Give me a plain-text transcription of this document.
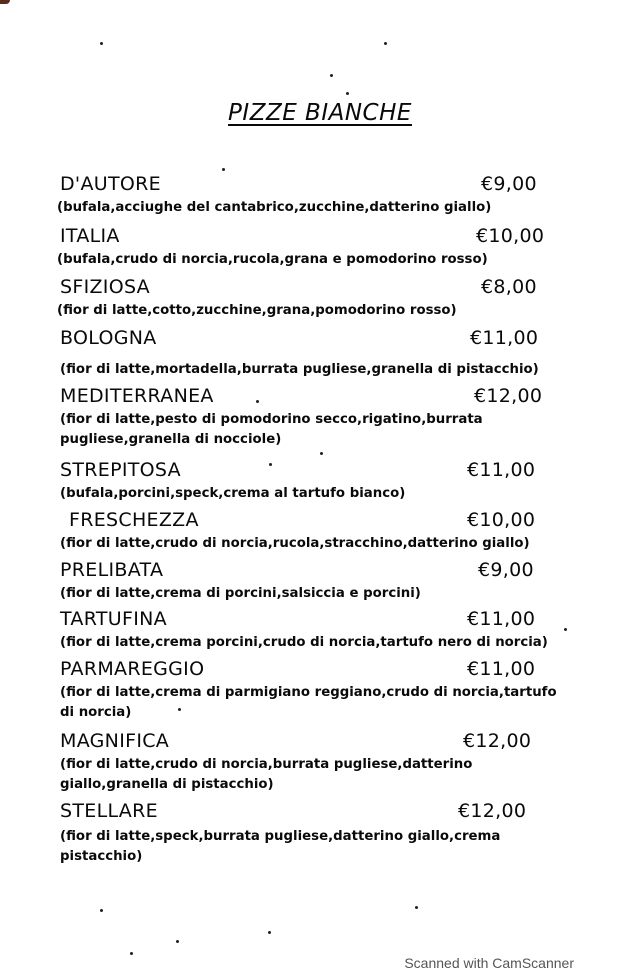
PIZZE BIANCHE
D'AUTORE	€9,00
(bufala,acciughe del cantabrico,zucchine,datterino giallo)
ITALIA	€10,00
(bufala,crudo di norcia,rucola,grana e pomodorino rosso)
SFIZIOSA	€8,00
(fior di latte,cotto,zucchine,grana,pomodorino rosso)
BOLOGNA	€11,00
(fior di latte,mortadella,burrata pugliese,granella di pistacchio)
MEDITERRANEA	€12,00
(fior di latte,pesto di pomodorino secco,rigatino,burrata pugliese,granella di nocciole)
STREPITOSA	€11,00
(bufala,porcini,speck,crema al tartufo bianco)
FRESCHEZZA	€10,00
(fior di latte,crudo di norcia,rucola,stracchino,datterino giallo)
PRELIBATA	€9,00
(fior di latte,crema di porcini,salsiccia e porcini)
TARTUFINA	€11,00
(fior di latte,crema porcini,crudo di norcia,tartufo nero di norcia)
PARMAREGGIO	€11,00
(fior di latte,crema di parmigiano reggiano,crudo di norcia,tartufo di norcia)
MAGNIFICA	€12,00
(fior di latte,crudo di norcia,burrata pugliese,datterino giallo,granella di pistacchio)
STELLARE	€12,00
(fior di latte,speck,burrata pugliese,datterino giallo,crema pistacchio)
Scanned with CamScanner
